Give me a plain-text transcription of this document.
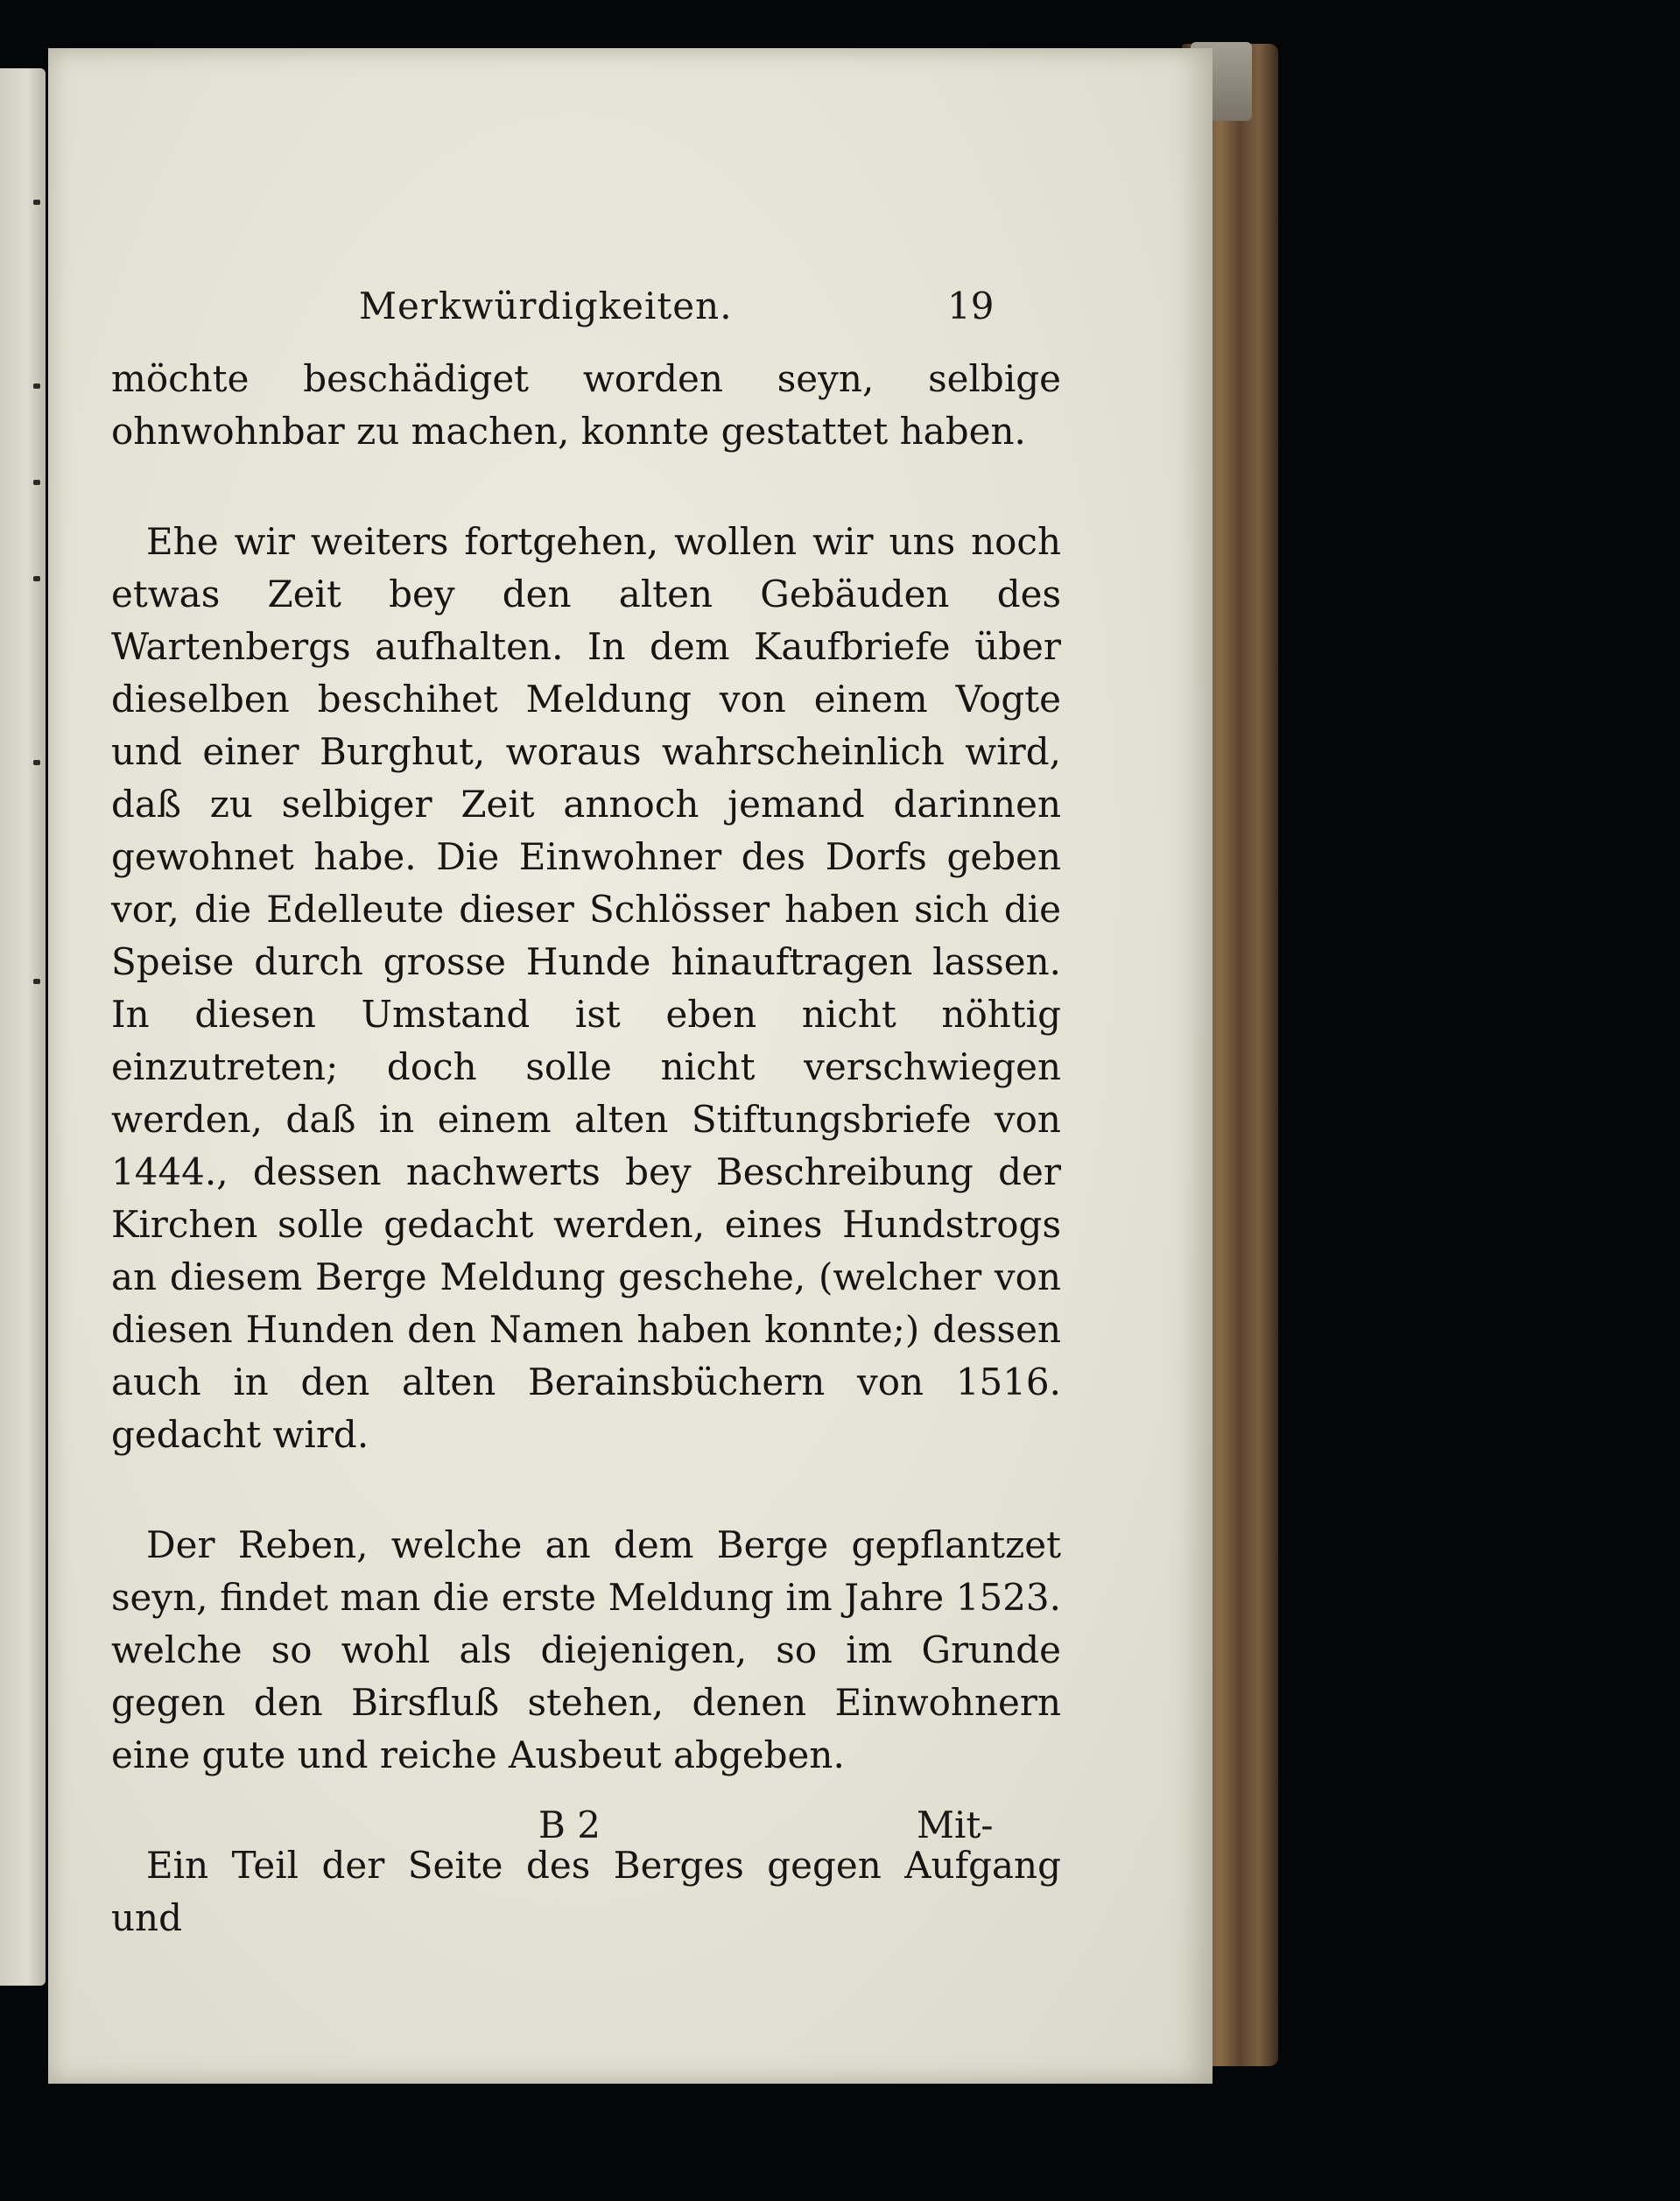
Merkwürdigkeiten.	19

möchte beschädiget worden seyn, selbige ohnwohnbar zu machen, konnte gestattet haben.

Ehe wir weiters fortgehen, wollen wir uns noch etwas Zeit bey den alten Gebäuden des Wartenbergs aufhalten. In dem Kaufbriefe über dieselben beschihet Meldung von einem Vogte und einer Burghut, woraus wahrscheinlich wird, daß zu selbiger Zeit annoch jemand darinnen gewohnet habe. Die Einwohner des Dorfs geben vor, die Edelleute dieser Schlösser haben sich die Speise durch grosse Hunde hinauftragen lassen. In diesen Umstand ist eben nicht nöhtig einzutreten; doch solle nicht verschwiegen werden, daß in einem alten Stiftungsbriefe von 1444., dessen nachwerts bey Beschreibung der Kirchen solle gedacht werden, eines Hundstrogs an diesem Berge Meldung geschehe, (welcher von diesen Hunden den Namen haben konnte;) dessen auch in den alten Berainsbüchern von 1516. gedacht wird.

Der Reben, welche an dem Berge gepflantzet seyn, findet man die erste Meldung im Jahre 1523. welche so wohl als diejenigen, so im Grunde gegen den Birsfluß stehen, denen Einwohnern eine gute und reiche Ausbeut abgeben.

Ein Teil der Seite des Berges gegen Aufgang und

B 2	Mit-
